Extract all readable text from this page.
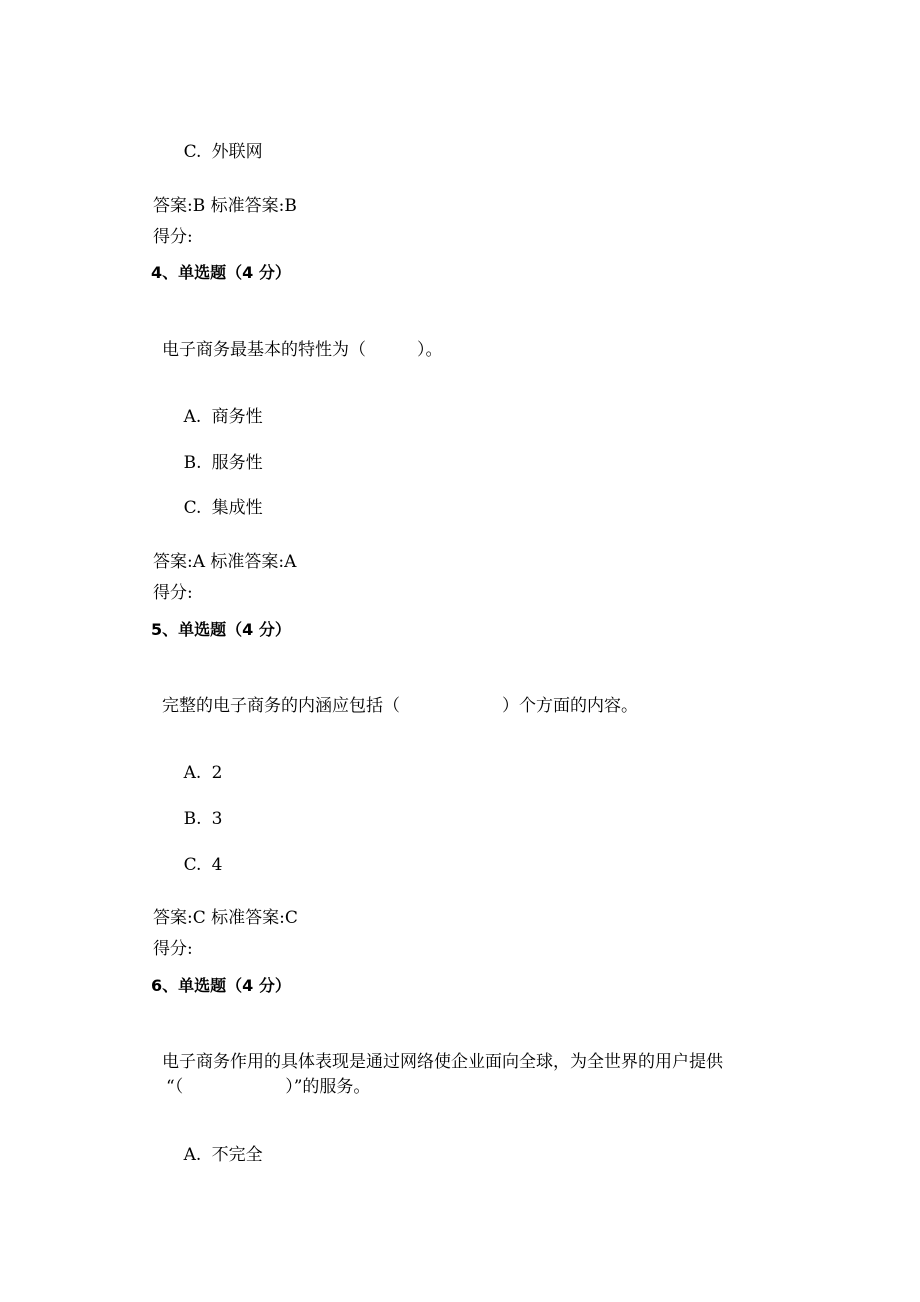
C. 外联网

答案:B 标准答案:B
得分:
4、单选题（4 分）
电子商务最基本的特性为（　　　）。

A. 商务性

B. 服务性

C. 集成性

答案:A 标准答案:A
得分:
5、单选题（4 分）
完整的电子商务的内涵应包括（　　　　　　）个方面的内容。

A. 2

B. 3

C. 4

答案:C 标准答案:C
得分:
6、单选题（4 分）
电子商务作用的具体表现是通过网络使企业面向全球，为全世界的用户提供
“（　　　　　　）”的服务。

A. 不完全
